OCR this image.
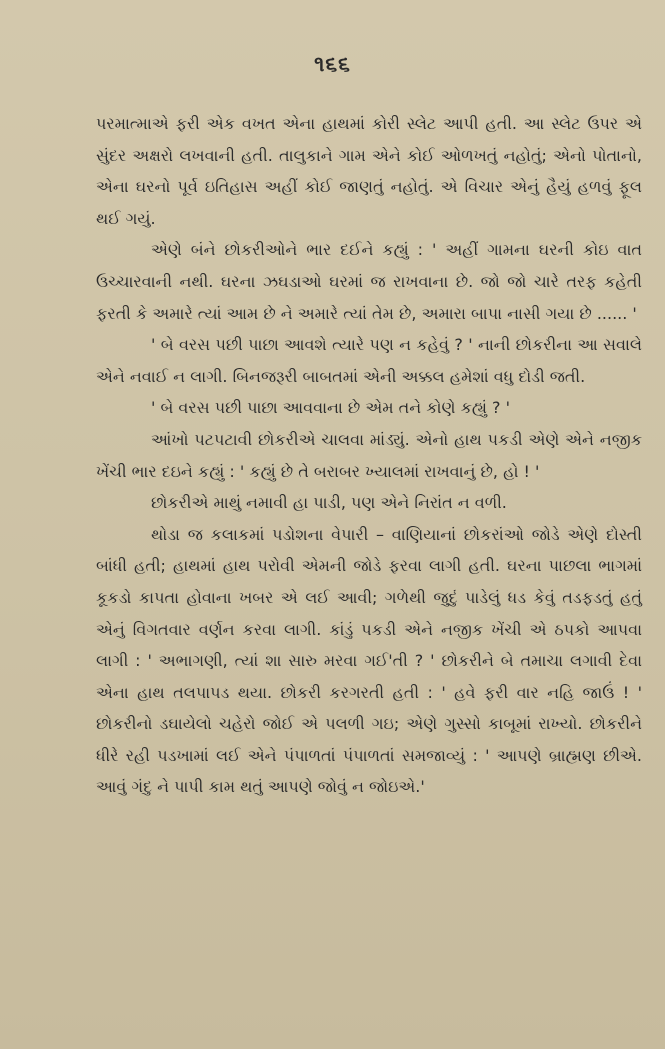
૧૬૬

પરમાત્માએ ફરી એક વખત એના હાથમાં કોરી સ્લેટ આપી હતી. આ સ્લેટ ઉપર એ સુંદર અક્ષરો લખવાની હતી. તાલુકાને ગામ એને કોઈ ઓળખતું નહોતું; એનો પોતાનો, એના ઘરનો પૂર્વ ઇતિહાસ અહીં કોઈ જાણતું નહોતું. એ વિચાર એનું હૈયું હળવું ફૂલ થઈ ગયું.

એણે બંને છોકરીઓને ભાર દઈને કહ્યું : ' અહીં ગામના ઘરની કોઇ વાત ઉચ્ચારવાની નથી. ઘરના ઝઘડાઓ ઘરમાં જ રાખવાના છે. જો જો ચારે તરફ કહેતી ફરતી કે અમારે ત્યાં આમ છે ને અમારે ત્યાં તેમ છે, અમારા બાપા નાસી ગયા છે ...... '

' બે વરસ પછી પાછા આવશે ત્યારે પણ ન કહેવું ? ' નાની છોકરીના આ સવાલે એને નવાઈ ન લાગી. બિનજરૂરી બાબતમાં એની અક્કલ હમેશાં વધુ દોડી જતી.

' બે વરસ પછી પાછા આવવાના છે એમ તને કોણે કહ્યું ? '

આંખો પટપટાવી છોકરીએ ચાલવા માંડ્યું. એનો હાથ પકડી એણે એને નજીક ખેંચી ભાર દઇને કહ્યું : ' કહ્યું છે તે બરાબર ખ્યાલમાં રાખવાનું છે, હો ! '

છોકરીએ માથું નમાવી હા પાડી, પણ એને નિરાંત ન વળી.

થોડા જ કલાકમાં પડોશના વેપારી – વાણિયાનાં છોકરાંઓ જોડે એણે દોસ્તી બાંધી હતી; હાથમાં હાથ પરોવી એમની જોડે ફરવા લાગી હતી. ઘરના પાછલા ભાગમાં કૂકડો કાપતા હોવાના ખબર એ લઈ આવી; ગળેથી જુદું પાડેલું ધડ કેવું તડફડતું હતું એનું વિગતવાર વર્ણન કરવા લાગી. કાંડું પકડી એને નજીક ખેંચી એ ઠપકો આપવા લાગી : ' અભાગણી, ત્યાં શા સારુ મરવા ગઈ'તી ? ' છોકરીને બે તમાચા લગાવી દેવા એના હાથ તલપાપડ થયા. છોકરી કરગરતી હતી : ' હવે ફરી વાર નહિ જાઉં ! ' છોકરીનો ડઘાયેલો ચહેરો જોઈ એ પલળી ગઇ; એણે ગુસ્સો કાબૂમાં રાખ્યો. છોકરીને ધીરે રહી પડખામાં લઈ એને પંપાળતાં પંપાળતાં સમજાવ્યું : ' આપણે બ્રાહ્મણ છીએ. આવું ગંદુ ને પાપી કામ થતું આપણે જોવું ન જોઇએ.'
